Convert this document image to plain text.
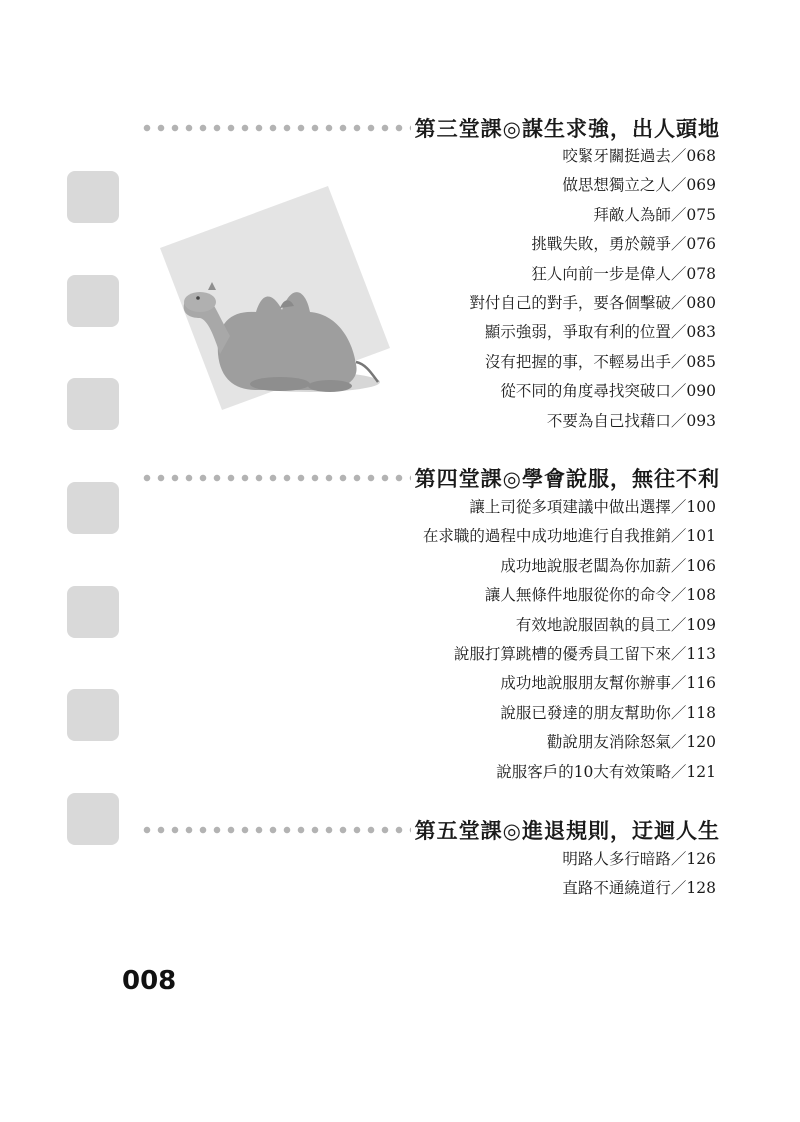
第三堂課◎謀生求強，出人頭地
咬緊牙關挺過去／068
做思想獨立之人／069
拜敵人為師／075
挑戰失敗，勇於競爭／076
狂人向前一步是偉人／078
對付自己的對手，要各個擊破／080
顯示強弱，爭取有利的位置／083
沒有把握的事，不輕易出手／085
從不同的角度尋找突破口／090
不要為自己找藉口／093
第四堂課◎學會說服，無往不利
讓上司從多項建議中做出選擇／100
在求職的過程中成功地進行自我推銷／101
成功地說服老闆為你加薪／106
讓人無條件地服從你的命令／108
有效地說服固執的員工／109
說服打算跳槽的優秀員工留下來／113
成功地說服朋友幫你辦事／116
說服已發達的朋友幫助你／118
勸說朋友消除怒氣／120
說服客戶的10大有效策略／121
第五堂課◎進退規則，迂迴人生
明路人多行暗路／126
直路不通繞道行／128
008
